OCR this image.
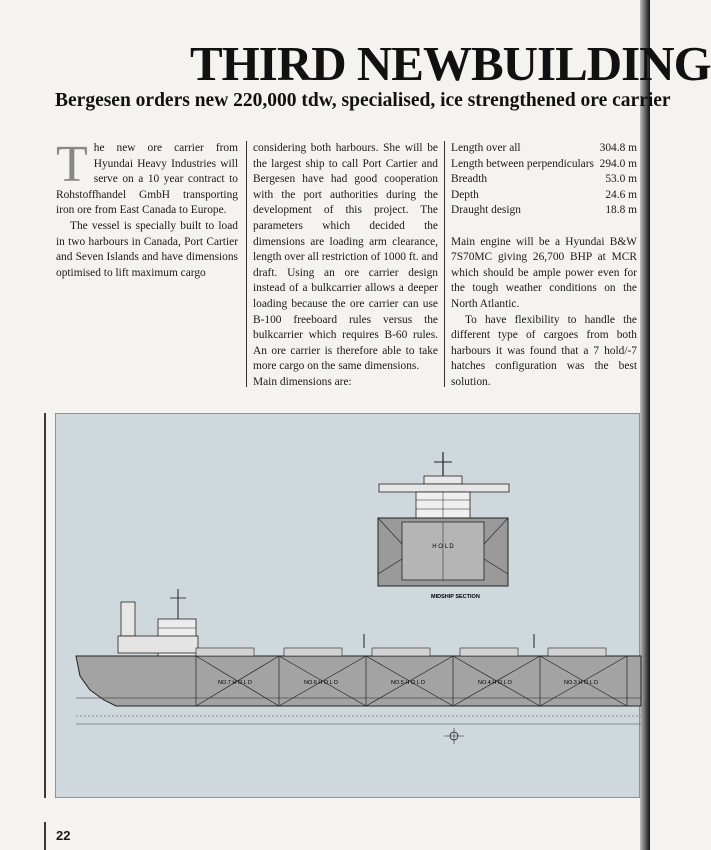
THIRD NEWBUILDING
Bergesen orders new 220,000 tdw, specialised, ice strengthened ore carrier

The new ore carrier from Hyundai Heavy Industries will serve on a 10 year contract to Rohstoffhandel GmbH transporting iron ore from East Canada to Europe.

The vessel is specially built to load in two harbours in Canada, Port Cartier and Seven Islands and have dimensions optimised to lift maximum cargo

considering both harbours. She will be the largest ship to call Port Cartier and Bergesen have had good cooperation with the port authorities during the development of this project. The parameters which decided the dimensions are loading arm clearance, length over all restriction of 1000 ft. and draft. Using an ore carrier design instead of a bulkcarrier allows a deeper loading because the ore carrier can use B-100 freeboard rules versus the bulkcarrier which requires B-60 rules. An ore carrier is therefore able to take more cargo on the same dimensions.

Main dimensions are:

Length over all	304.8 m
Length between perpendiculars	294.0 m
Breadth	53.0 m
Depth	24.6 m
Draught design	18.8 m

Main engine will be a Hyundai B&W 7S70MC giving 26,700 BHP at MCR which should be ample power even for the tough weather conditions on the North Atlantic.

To have flexibility to handle the different type of cargoes from both harbours it was found that a 7 hold/-7 hatches configuration was the best solution.

H O L D
MIDSHIP SECTION
NO.7 H O L D	NO.6 H O L D	NO.5 H O L D	NO.4 H O L D	NO.3 H O L D
22
